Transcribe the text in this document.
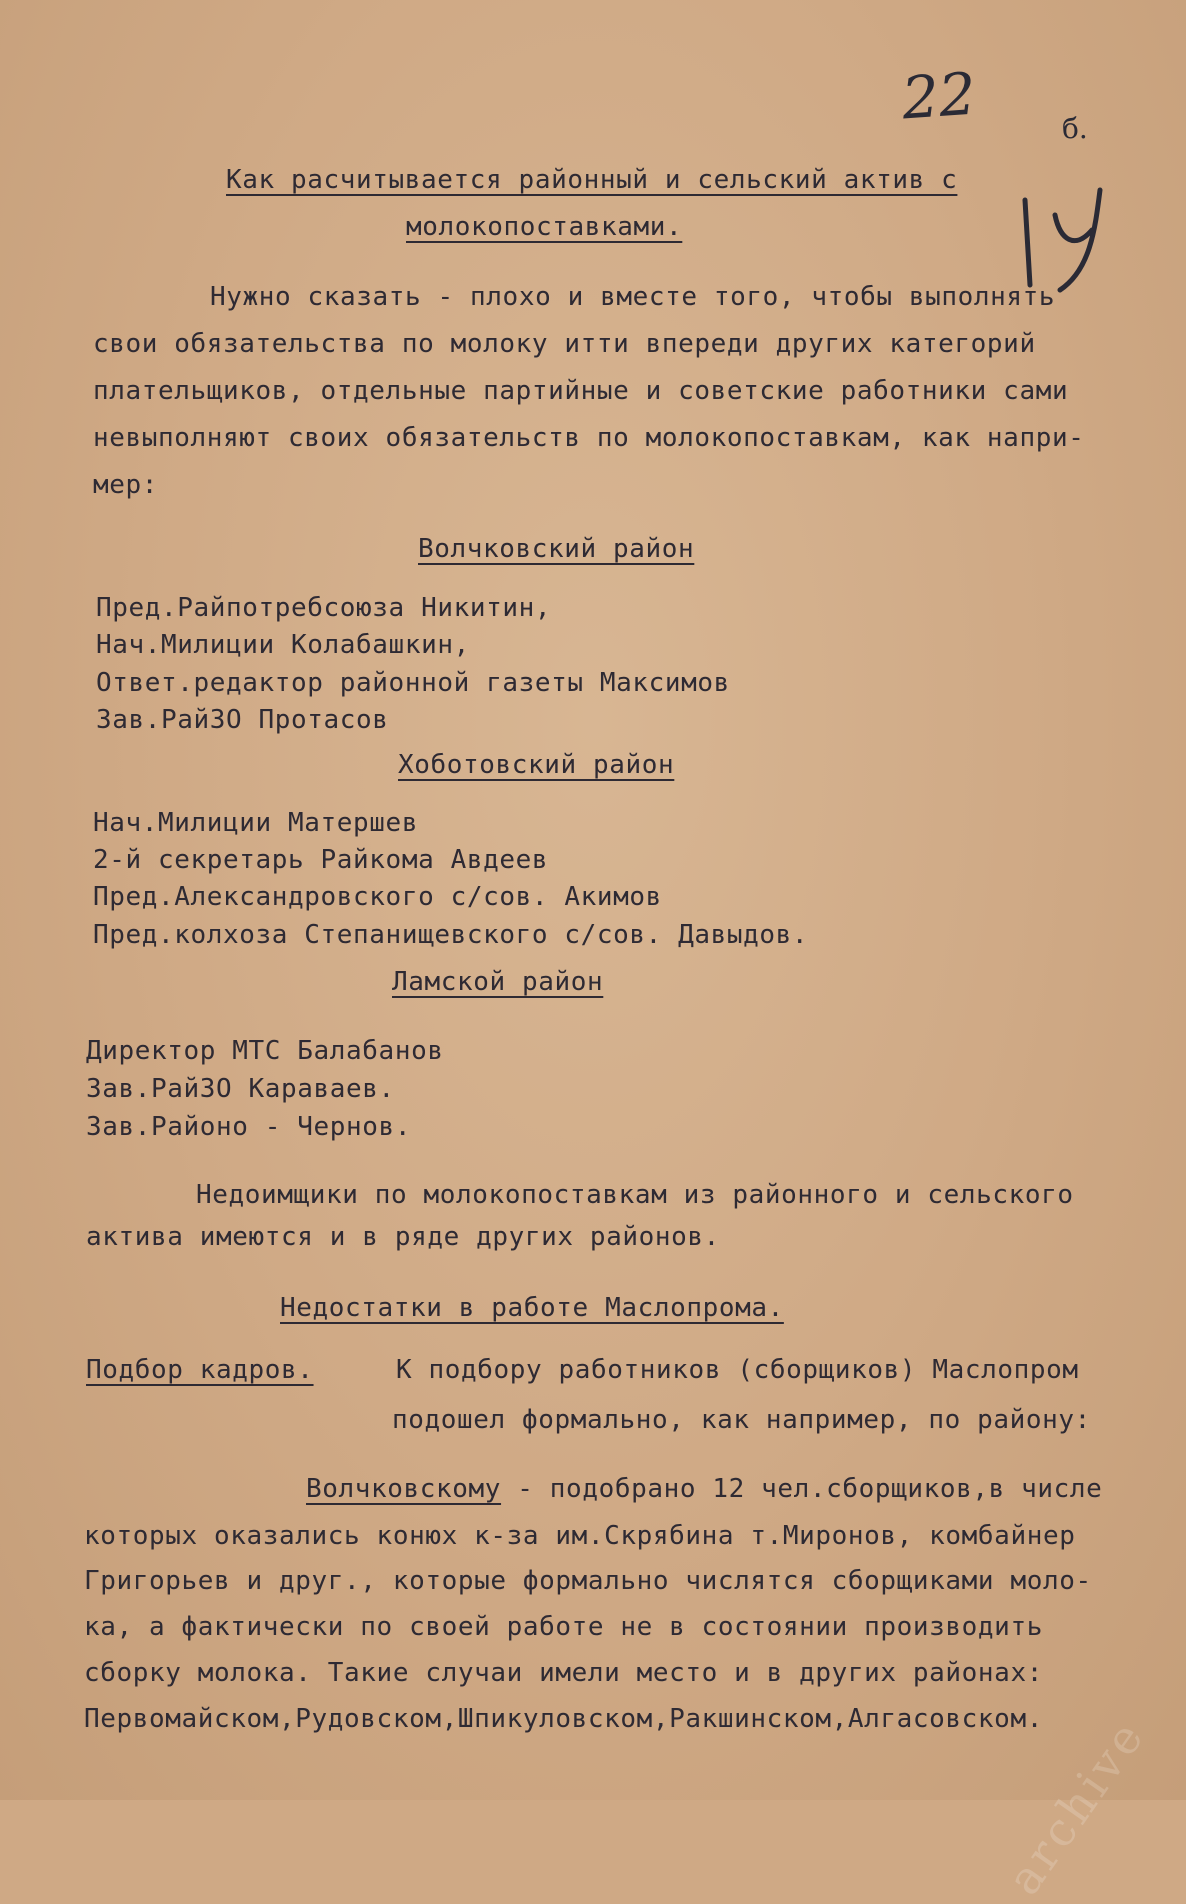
22	б.
Как расчитывается районный и сельский актив с
молокопоставками.
Нужно сказать - плохо и вместе того, чтобы выполнять
свои обязательства по молоку итти впереди других категорий
плательщиков, отдельные партийные и советские работники сами
невыполняют своих обязательств по молокопоставкам, как напри-
мер:
Волчковский район
Пред.Райпотребсоюза Никитин,
Нач.Милиции Колабашкин,
Ответ.редактор районной газеты Максимов
Зав.РайЗО Протасов
Хоботовский район
Нач.Милиции Матершев
2-й секретарь Райкома Авдеев
Пред.Александровского с/сов. Акимов
Пред.колхоза Степанищевского с/сов. Давыдов.
Ламской район
Директор МТС Балабанов
Зав.РайЗО Караваев.
Зав.Районо - Чернов.
Недоимщики по молокопоставкам из районного и сельского
актива имеются и в ряде других районов.
Недостатки в работе Маслопрома.
Подбор кадров.	К подбору работников (сборщиков) Маслопром
подошел формально, как например, по району:
Волчковскому - подобрано 12 чел.сборщиков,в числе
которых оказались конюх к-за им.Скрябина т.Миронов, комбайнер
Григорьев и друг., которые формально числятся сборщиками моло-
ка, а фактически по своей работе не в состоянии производить
сборку молока. Такие случаи имели место и в других районах:
Первомайском,Рудовском,Шпикуловском,Ракшинском,Алгасовском.
archive
